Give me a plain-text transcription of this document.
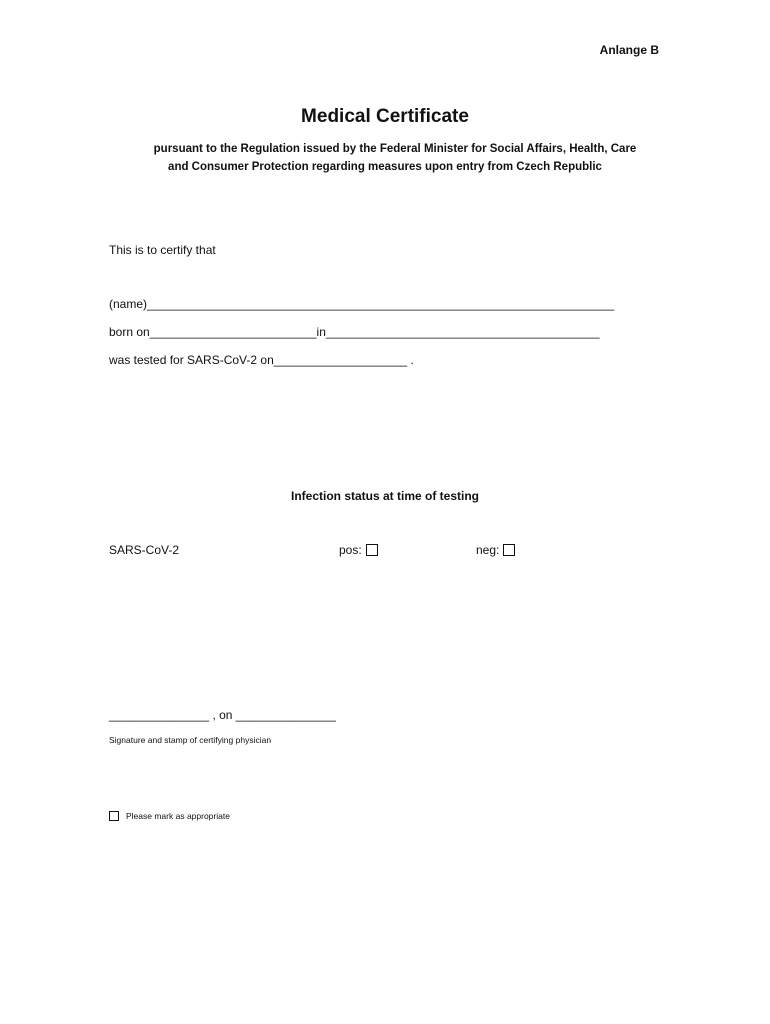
Anlange B
Medical Certificate
pursuant to the Regulation issued by the Federal Minister for Social Affairs, Health, Care
and Consumer Protection regarding measures upon entry from Czech Republic
This is to certify that
(name)______________________________________________________________________
born on_________________________in_________________________________________
was tested for SARS-CoV-2 on____________________ .
Infection status at time of testing
SARS-CoV-2	pos:	neg:
_______________ , on _______________
Signature and stamp of certifying physician
Please mark as appropriate
